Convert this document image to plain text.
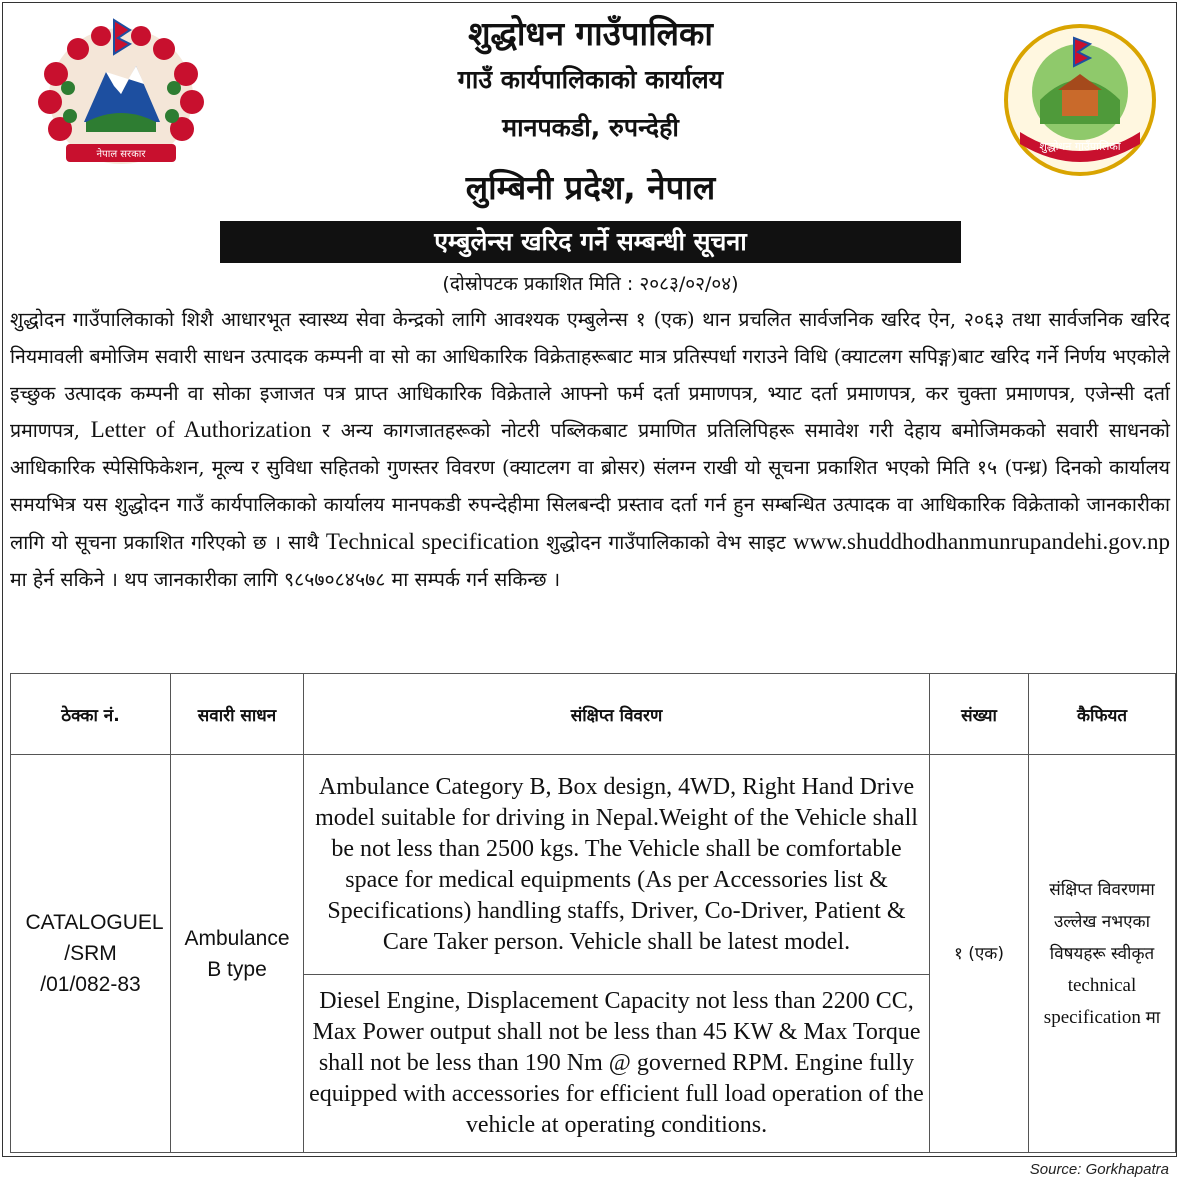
नेपाल सरकार
शुद्धोधन गाउँपालिका
शुद्धोधन गाउँपालिका
गाउँ कार्यपालिकाको कार्यालय
मानपकडी, रुपन्देही
लुम्बिनी प्रदेश, नेपाल
एम्बुलेन्स खरिद गर्ने सम्बन्धी सूचना
(दोस्रोपटक प्रकाशित मिति : २०८३/०२/०४)
शुद्धोदन गाउँपालिकाको शिशै आधारभूत स्वास्थ्य सेवा केन्द्रको लागि आवश्यक एम्बुलेन्स १ (एक) थान प्रचलित सार्वजनिक खरिद ऐन, २०६३ तथा सार्वजनिक खरिद नियमावली बमोजिम सवारी साधन उत्पादक कम्पनी वा सो का आधिकारिक विक्रेताहरूबाट मात्र प्रतिस्पर्धा गराउने विधि (क्याटलग सपिङ्ग)बाट खरिद गर्ने निर्णय भएकोले इच्छुक उत्पादक कम्पनी वा सोका इजाजत पत्र प्राप्त आधिकारिक विक्रेताले आफ्नो फर्म दर्ता प्रमाणपत्र, भ्याट दर्ता प्रमाणपत्र, कर चुक्ता प्रमाणपत्र, एजेन्सी दर्ता प्रमाणपत्र, Letter of Authorization र अन्य कागजातहरूको नोटरी पब्लिकबाट प्रमाणित प्रतिलिपिहरू समावेश गरी देहाय बमोजिमकको सवारी साधनको आधिकारिक स्पेसिफिकेशन, मूल्य र सुविधा सहितको गुणस्तर विवरण (क्याटलग वा ब्रोसर) संलग्न राखी यो सूचना प्रकाशित भएको मिति १५ (पन्ध्र) दिनको कार्यालय समयभित्र यस शुद्धोदन गाउँ कार्यपालिकाको कार्यालय मानपकडी रुपन्देहीमा सिलबन्दी प्रस्ताव दर्ता गर्न हुन सम्बन्धित उत्पादक वा आधिकारिक विक्रेताको जानकारीका लागि यो सूचना प्रकाशित गरिएको छ । साथै Technical specification शुद्धोदन गाउँपालिकाको वेभ साइट www.shuddhodhanmunrupandehi.gov.np मा हेर्न सकिने । थप जानकारीका लागि ९८५७०८४५७८ मा सम्पर्क गर्न सकिन्छ ।
ठेक्का नं.	सवारी साधन	संक्षिप्त विवरण	संख्या	कैफियत

CATALOGUEL /SRM /01/082-83	Ambulance B type	Ambulance Category B, Box design, 4WD, Right Hand Drive model suitable for driving in Nepal.Weight of the Vehicle shall be not less than 2500 kgs. The Vehicle shall be comfortable space for medical equipments (As per Accessories list & Specifications) handling staffs, Driver, Co-Driver, Patient & Care Taker person. Vehicle shall be latest model.	१ (एक)	संक्षिप्त विवरणमा उल्लेख नभएका विषयहरू स्वीकृत
technical specification मा

		Diesel Engine, Displacement Capacity not less than 2200 CC, Max Power output shall not be less than 45 KW & Max Torque shall not be less than 190 Nm @ governed RPM. Engine fully equipped with accessories for efficient full load operation of the vehicle at operating conditions.		
Source: Gorkhapatra
